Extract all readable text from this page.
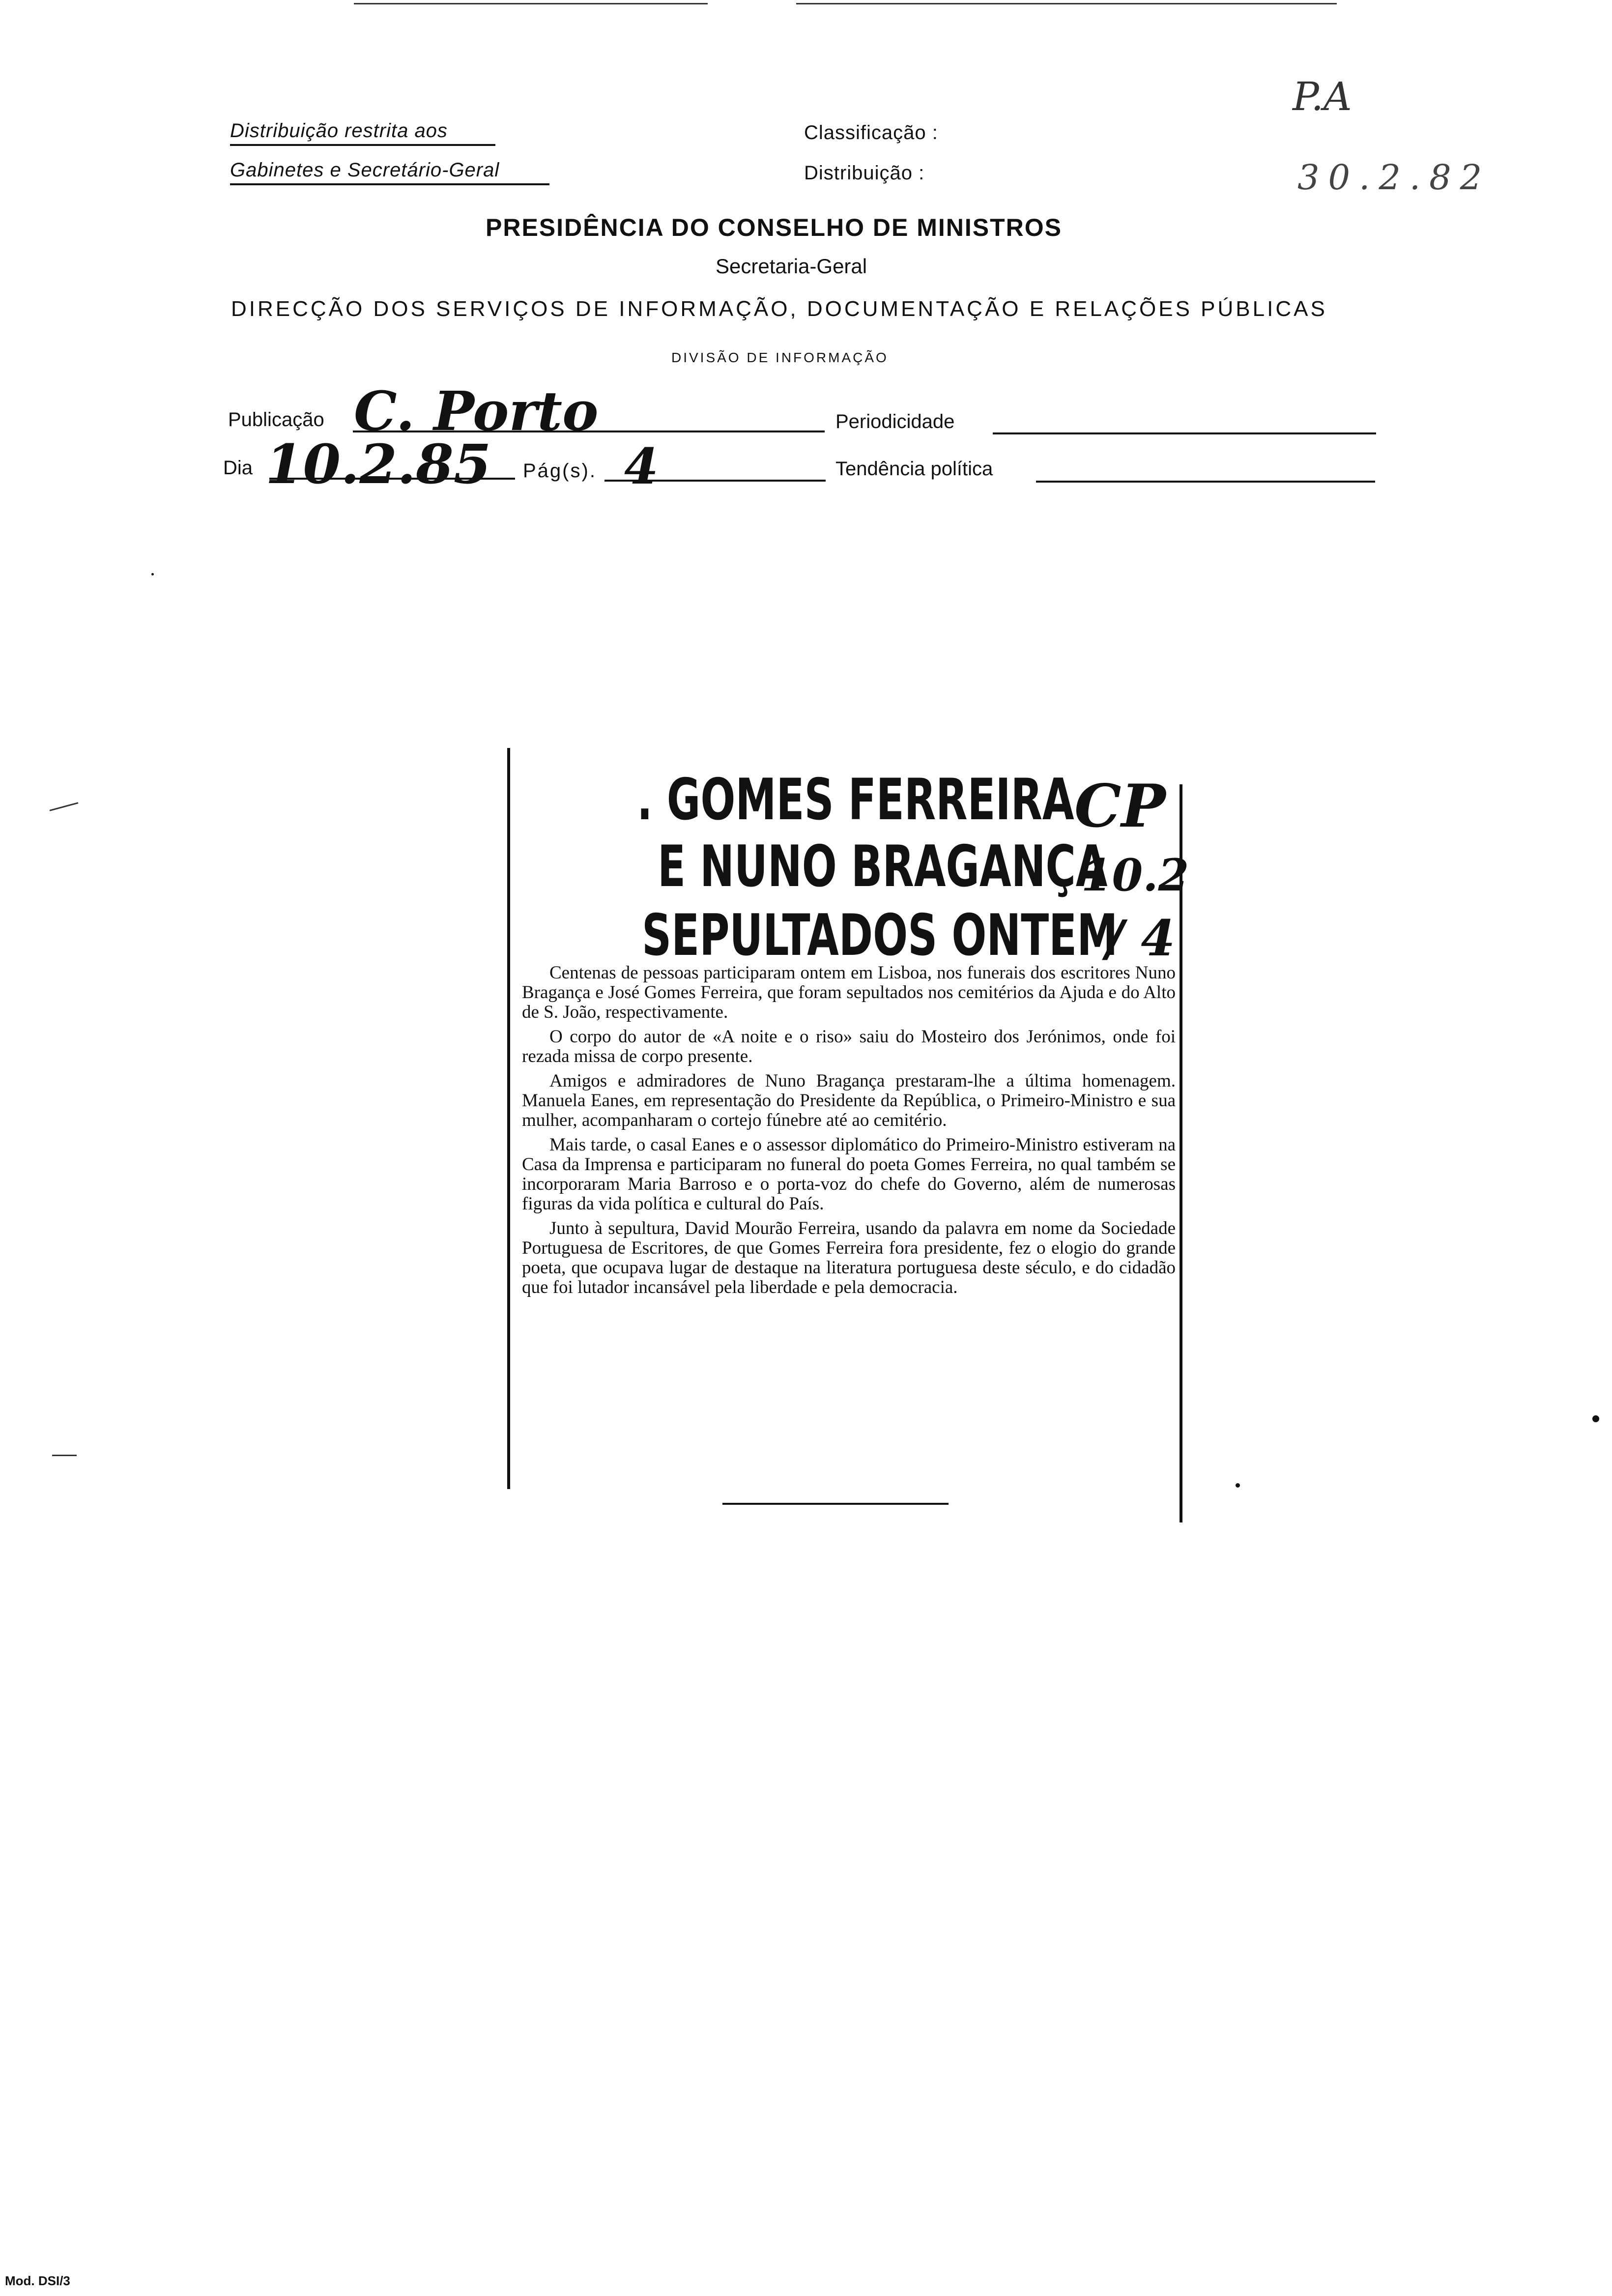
Distribuição restrita aos
Gabinetes e Secretário-Geral
Classificação :
Distribuição :
P.A
30.2.82
PRESIDÊNCIA DO CONSELHO DE MINISTROS
Secretaria-Geral
DIRECÇÃO DOS SERVIÇOS DE INFORMAÇÃO, DOCUMENTAÇÃO E RELAÇÕES PÚBLICAS
DIVISÃO DE INFORMAÇÃO
Publicação C. Porto	Periodicidade
Dia 10.2.85 Pág(s). 4	Tendência política
. GOMES FERREIRA
E NUNO BRAGANÇA
SEPULTADOS ONTEM
CP
10.2
/ 4

Centenas de pessoas participaram ontem em Lisboa, nos funerais dos escritores Nuno Bragança e José Gomes Ferreira, que foram sepultados nos cemitérios da Ajuda e do Alto de S. João, respectivamente.

O corpo do autor de «A noite e o riso» saiu do Mosteiro dos Jerónimos, onde foi rezada missa de corpo presente.

Amigos e admiradores de Nuno Bragança prestaram-lhe a última homenagem. Manuela Eanes, em representação do Presidente da República, o Primeiro-Ministro e sua mulher, acompanharam o cortejo fúnebre até ao cemitério.

Mais tarde, o casal Eanes e o assessor diplomático do Primeiro-Ministro estiveram na Casa da Imprensa e participaram no funeral do poeta Gomes Ferreira, no qual também se incorporaram Maria Barroso e o porta-voz do chefe do Governo, além de numerosas figuras da vida política e cultural do País.

Junto à sepultura, David Mourão Ferreira, usando da palavra em nome da Sociedade Portuguesa de Escritores, de que Gomes Ferreira fora presidente, fez o elogio do grande poeta, que ocupava lugar de destaque na literatura portuguesa deste século, e do cidadão que foi lutador incansável pela liberdade e pela democracia.

Mod. DSI/3
